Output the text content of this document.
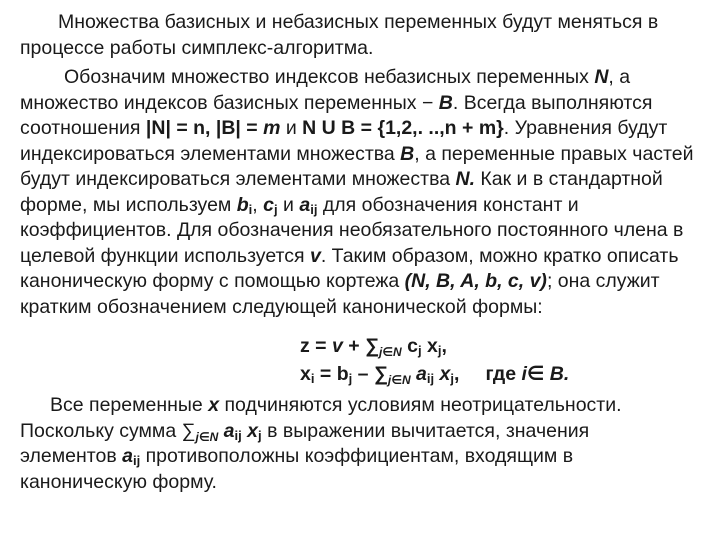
Множества базисных и небазисных переменных будут меняться в
процессе работы симплекс-алгоритма.

Обозначим множество индексов небазисных переменных N, а
множество индексов базисных переменных − B. Всегда выполняются
соотношения |N| = n, |B| = m и N U B = {1,2,. ..,n + m}. Уравнения будут
индексироваться элементами множества B, а переменные правых частей
будут индексироваться элементами множества N. Как и в стандартной
форме, мы используем $b_i$, $c_j$ и $a_{ij}$ для обозначения констант и
коэффициентов. Для обозначения необязательного постоянного члена в
целевой функции используется v. Таким образом, можно кратко описать
каноническую форму с помощью кортежа (N, B, A, b, c, v); она служит
кратким обозначением следующей канонической формы:

$z = v + \sum_{j\in N}$ $c_j$ $x_j$,
$x_i = b_j - \sum_{j\in N}$ $a_{ij}$ $x_j$, где i∈ B.

Все переменные x подчиняются условиям неотрицательности.
Поскольку сумма $\sum_{j\in N}$ $a_{ij}$ $x_j$ в выражении вычитается, значения
элементов $a_{ij}$ противоположны коэффициентам, входящим в
каноническую форму.
